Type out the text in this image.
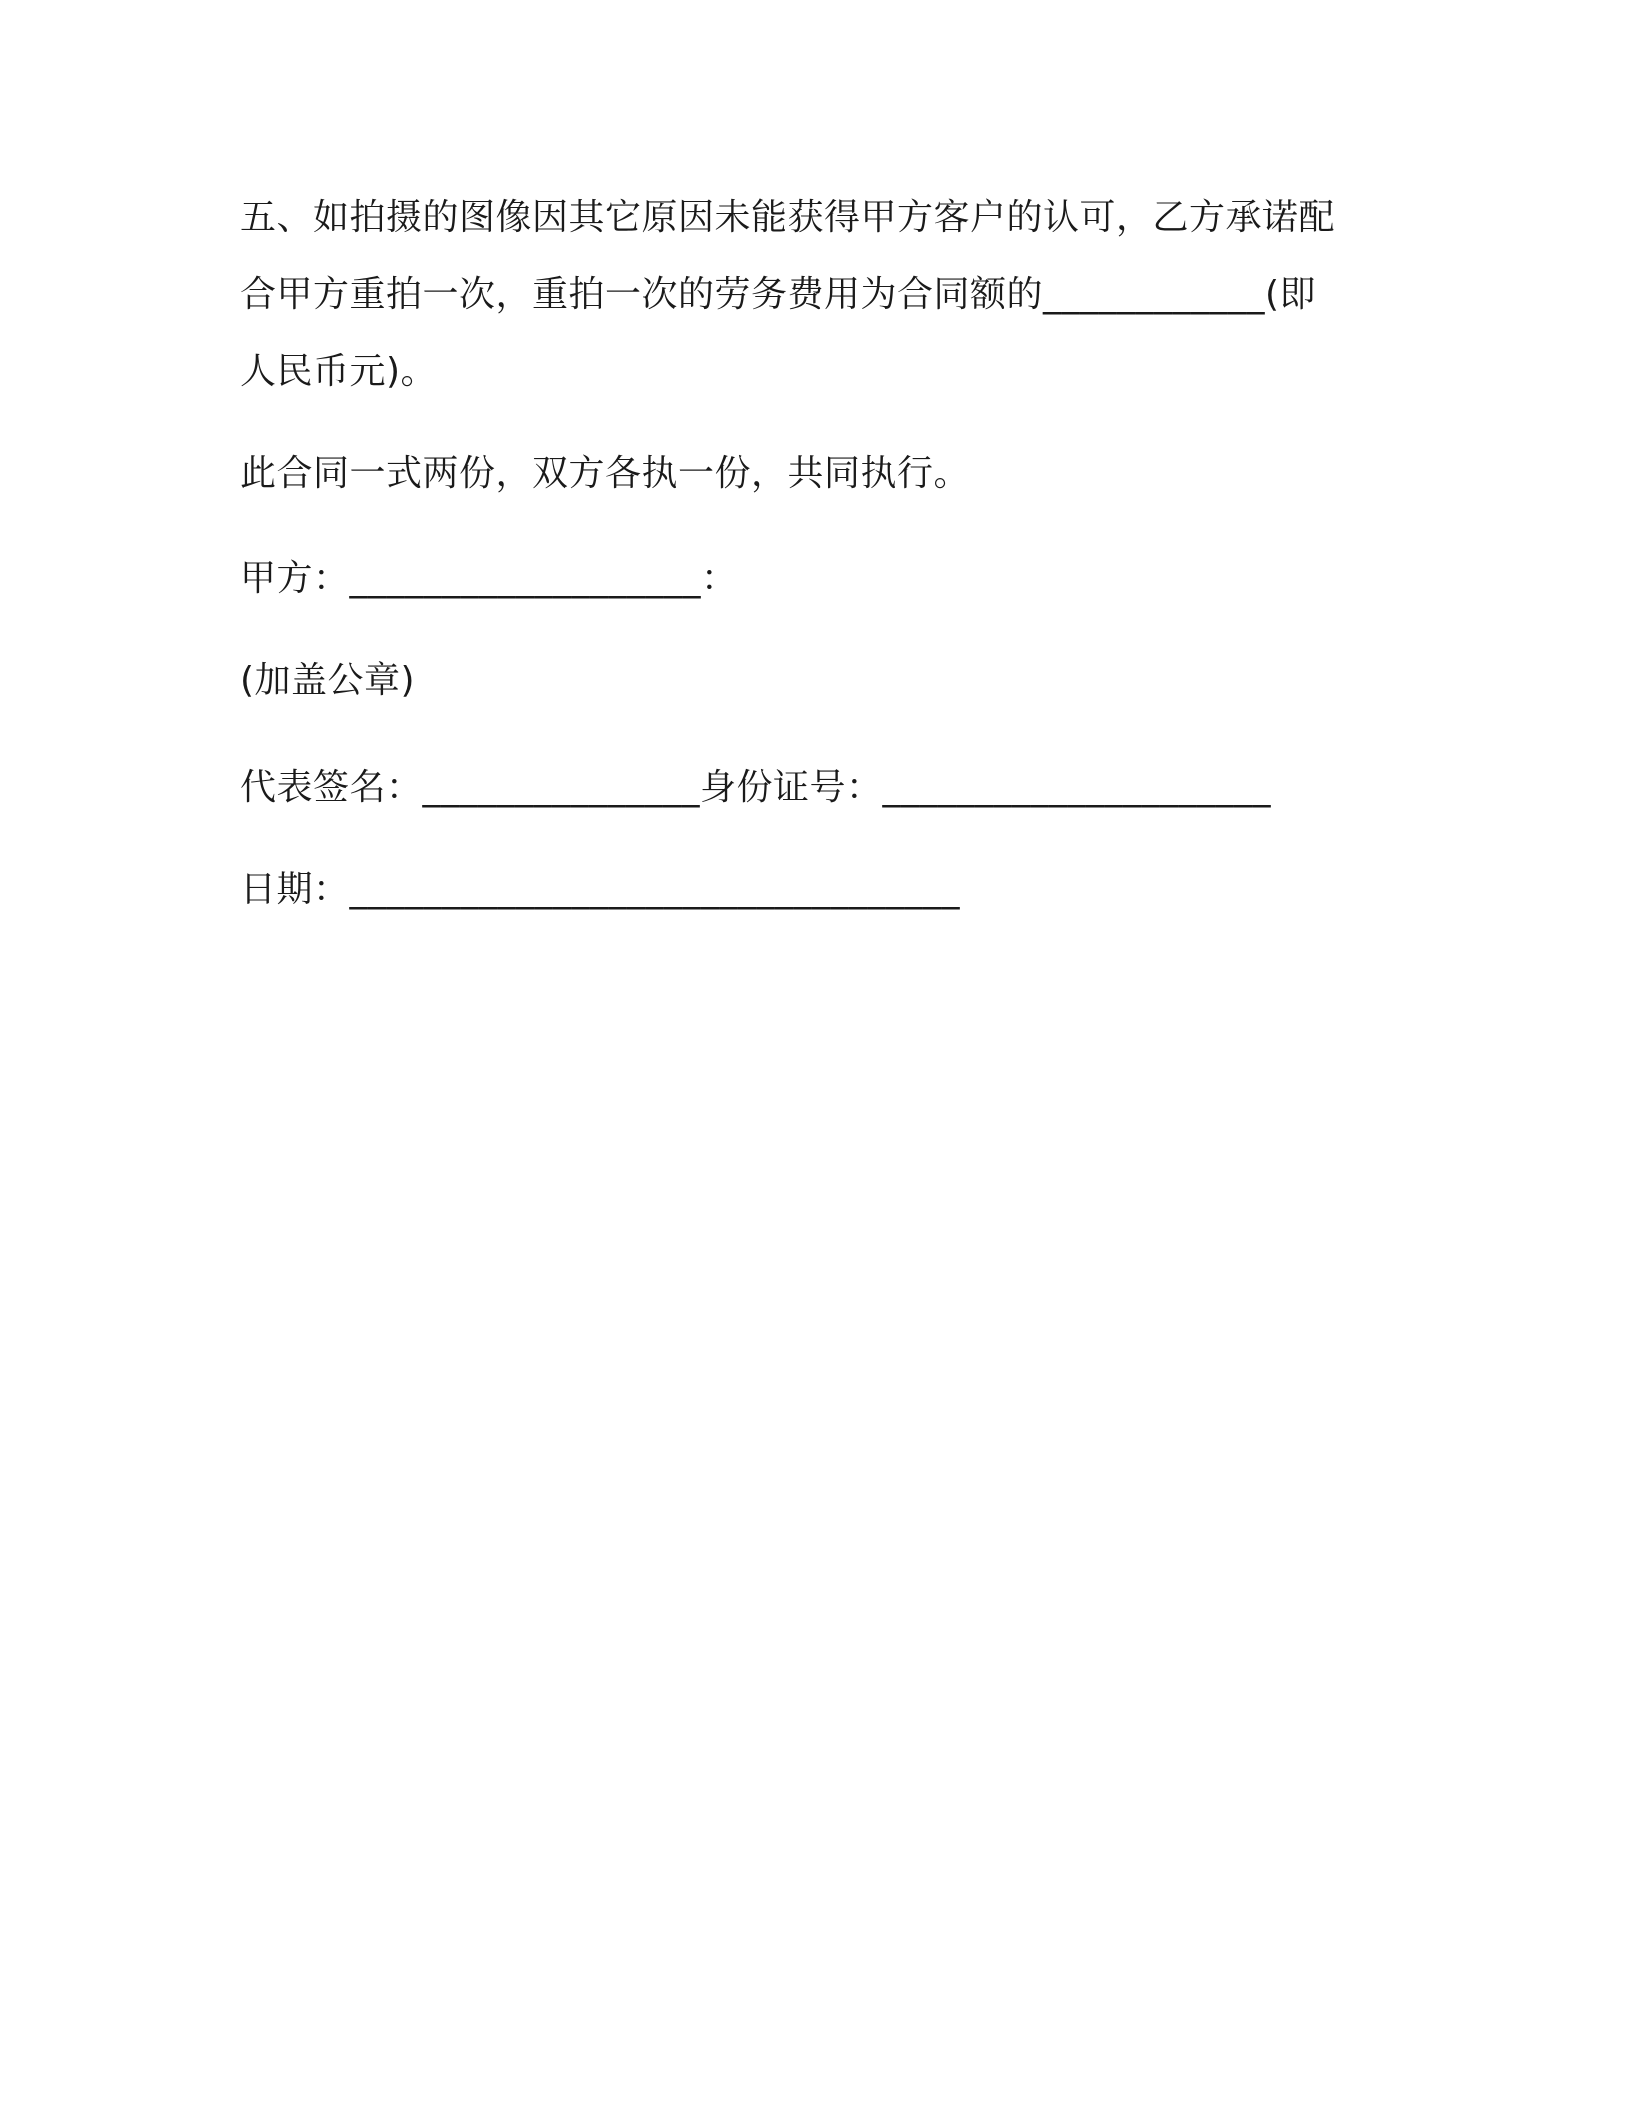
五、如拍摄的图像因其它原因未能获得甲方客户的认可，乙方承诺配
合甲方重拍一次，重拍一次的劳务费用为合同额的____________(即
人民币元)。
此合同一式两份，双方各执一份，共同执行。
甲方：___________________：
(加盖公章)
代表签名：_______________身份证号：_____________________
日期：_________________________________
